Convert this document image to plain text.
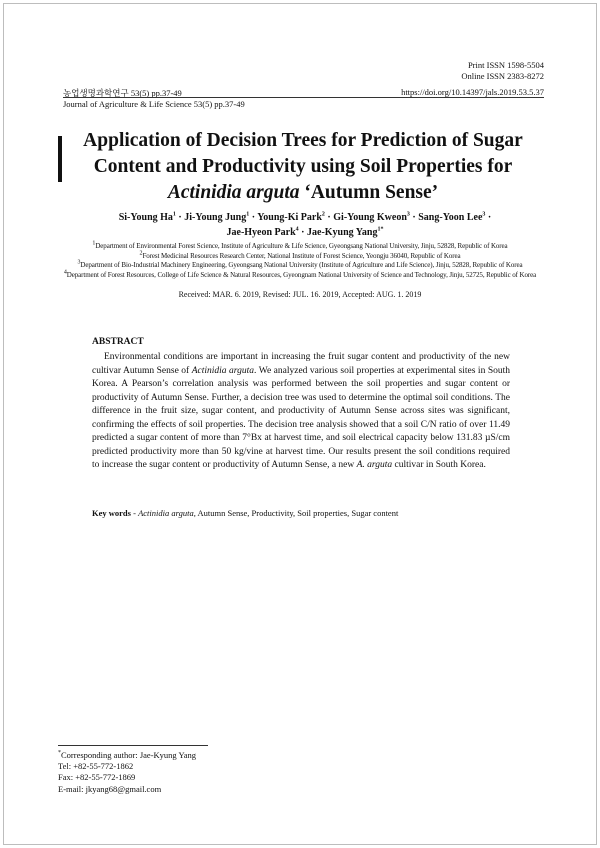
Print ISSN 1598-5504
Online ISSN 2383-8272
농업생명과학연구 53(5) pp.37-49	https://doi.org/10.14397/jals.2019.53.5.37
Journal of Agriculture & Life Science 53(5) pp.37-49
Application of Decision Trees for Prediction of Sugar
Content and Productivity using Soil Properties for
Actinidia arguta ‘Autumn Sense’
Si-Young $Ha^1$ · Ji-Young Jung$^1$ · Young-Ki Park$^2$ · Gi-Young Kweon$^3$ · Sang-Yoon Lee$^3$ ·
Jae-Hyeon Park$^4$ · Jae-Kyung Yang$^{1*}$
$^1$Department of Environmental Forest Science, Institute of Agriculture & Life Science, Gyeongsang National University, Jinju, 52828, Republic of Korea
$^2$Forest Medicinal Resources Research Center, National Institute of Forest Science, Yeongju 36040, Republic of Korea
$^3$Department of Bio-Industrial Machinery Engineering, Gyeongsang National University (Institute of Agriculture and Life Science), Jinju, 52828, Republic of Korea
$^4$Department of Forest Resources, College of Life Science & Natural Resources, Gyeongnam National University of Science and Technology, Jinju, 52725, Republic of Korea
Received: MAR. 6. 2019, Revised: JUL. 16. 2019, Accepted: AUG. 1. 2019
ABSTRACT

Environmental conditions are important in increasing the fruit sugar content and productivity of the new cultivar Autumn Sense of Actinidia arguta. We analyzed various soil properties at experimental sites in South Korea. A Pearson’s correlation analysis was performed between the soil properties and sugar content or productivity of Autumn Sense. Further, a decision tree was used to determine the optimal soil conditions. The difference in the fruit size, sugar content, and productivity of Autumn Sense across sites was significant, confirming the effects of soil properties. The decision tree analysis showed that a soil C/N ratio of over 11.49 predicted a sugar content of more than 7°Bx at harvest time, and soil electrical capacity below 131.83 µS/cm predicted productivity more than 50 kg/vine at harvest time. Our results present the soil conditions required to increase the sugar content or productivity of Autumn Sense, a new A. arguta cultivar in South Korea.

Key words - Actinidia arguta, Autumn Sense, Productivity, Soil properties, Sugar content
*Corresponding author: Jae-Kyung Yang
Tel: +82-55-772-1862
Fax: +82-55-772-1869
E-mail: jkyang68@gmail.com
